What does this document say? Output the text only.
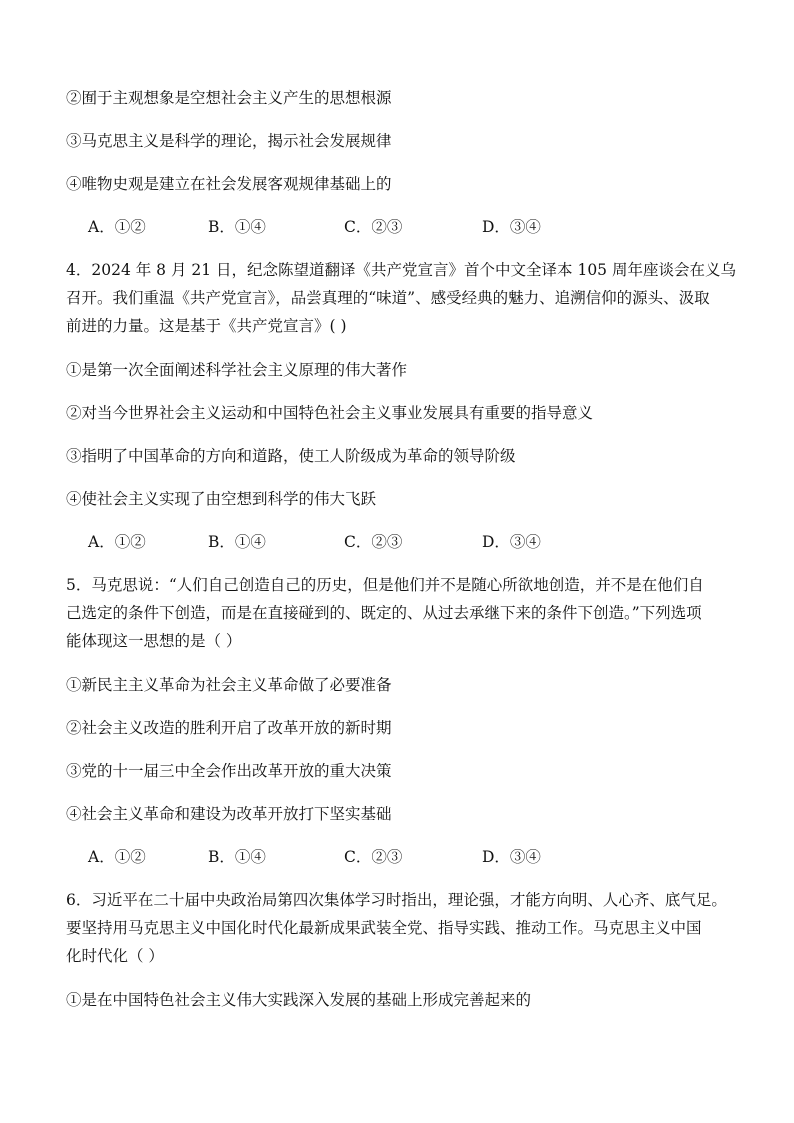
②囿于主观想象是空想社会主义产生的思想根源
③马克思主义是科学的理论，揭示社会发展规律
④唯物史观是建立在社会发展客观规律基础上的
A．①②	B．①④	C．②③	D．③④
4．2024 年 8 月 21 日，纪念陈望道翻译《共产党宣言》首个中文全译本 105 周年座谈会在义乌
召开。我们重温《共产党宣言》，品尝真理的“味道”、感受经典的魅力、追溯信仰的源头、汲取
前进的力量。这是基于《共产党宣言》( )
①是第一次全面阐述科学社会主义原理的伟大著作
②对当今世界社会主义运动和中国特色社会主义事业发展具有重要的指导意义
③指明了中国革命的方向和道路，使工人阶级成为革命的领导阶级
④使社会主义实现了由空想到科学的伟大飞跃
A．①②	B．①④	C．②③	D．③④
5．马克思说：“人们自己创造自己的历史，但是他们并不是随心所欲地创造，并不是在他们自
己选定的条件下创造，而是在直接碰到的、既定的、从过去承继下来的条件下创造。”下列选项
能体现这一思想的是（ ）
①新民主主义革命为社会主义革命做了必要准备
②社会主义改造的胜利开启了改革开放的新时期
③党的十一届三中全会作出改革开放的重大决策
④社会主义革命和建设为改革开放打下坚实基础
A．①②	B．①④	C．②③	D．③④
6．习近平在二十届中央政治局第四次集体学习时指出，理论强，才能方向明、人心齐、底气足。
要坚持用马克思主义中国化时代化最新成果武装全党、指导实践、推动工作。马克思主义中国
化时代化（ ）
①是在中国特色社会主义伟大实践深入发展的基础上形成完善起来的
